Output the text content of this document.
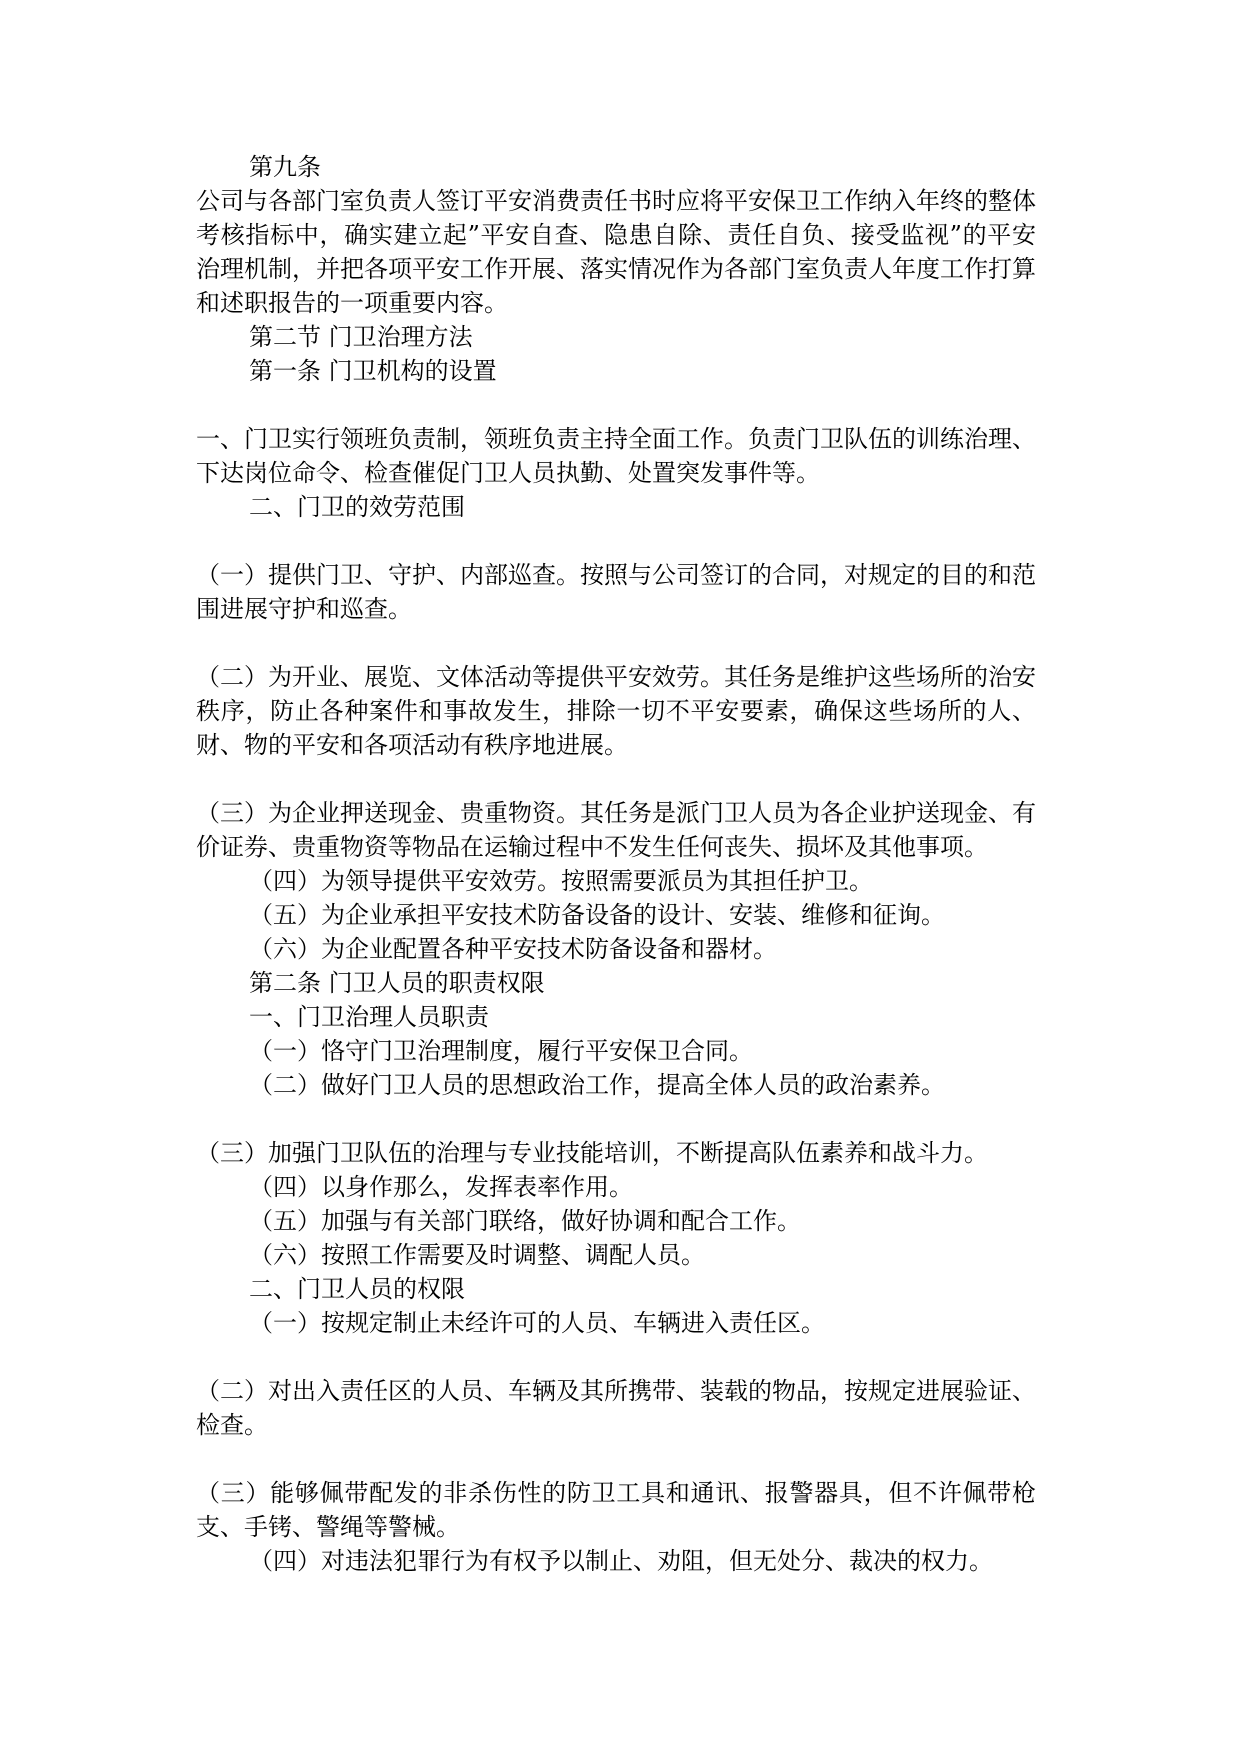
第九条

公司与各部门室负责人签订平安消费责任书时应将平安保卫工作纳入年终的整体考核指标中，确实建立起”平安自查、隐患自除、责任自负、接受监视”的平安治理机制，并把各项平安工作开展、落实情况作为各部门室负责人年度工作打算和述职报告的一项重要内容。

第二节 门卫治理方法

第一条 门卫机构的设置

一、门卫实行领班负责制，领班负责主持全面工作。负责门卫队伍的训练治理、下达岗位命令、检查催促门卫人员执勤、处置突发事件等。

二、门卫的效劳范围

（一）提供门卫、守护、内部巡查。按照与公司签订的合同，对规定的目的和范围进展守护和巡查。

（二）为开业、展览、文体活动等提供平安效劳。其任务是维护这些场所的治安秩序，防止各种案件和事故发生，排除一切不平安要素，确保这些场所的人、财、物的平安和各项活动有秩序地进展。

（三）为企业押送现金、贵重物资。其任务是派门卫人员为各企业护送现金、有价证券、贵重物资等物品在运输过程中不发生任何丧失、损坏及其他事项。

（四）为领导提供平安效劳。按照需要派员为其担任护卫。

（五）为企业承担平安技术防备设备的设计、安装、维修和征询。

（六）为企业配置各种平安技术防备设备和器材。

第二条 门卫人员的职责权限

一、门卫治理人员职责

（一）恪守门卫治理制度，履行平安保卫合同。

（二）做好门卫人员的思想政治工作，提高全体人员的政治素养。

（三）加强门卫队伍的治理与专业技能培训，不断提高队伍素养和战斗力。

（四）以身作那么，发挥表率作用。

（五）加强与有关部门联络，做好协调和配合工作。

（六）按照工作需要及时调整、调配人员。

二、门卫人员的权限

（一）按规定制止未经许可的人员、车辆进入责任区。

（二）对出入责任区的人员、车辆及其所携带、装载的物品，按规定进展验证、检查。

（三）能够佩带配发的非杀伤性的防卫工具和通讯、报警器具，但不许佩带枪支、手铐、警绳等警械。

（四）对违法犯罪行为有权予以制止、劝阻，但无处分、裁决的权力。
